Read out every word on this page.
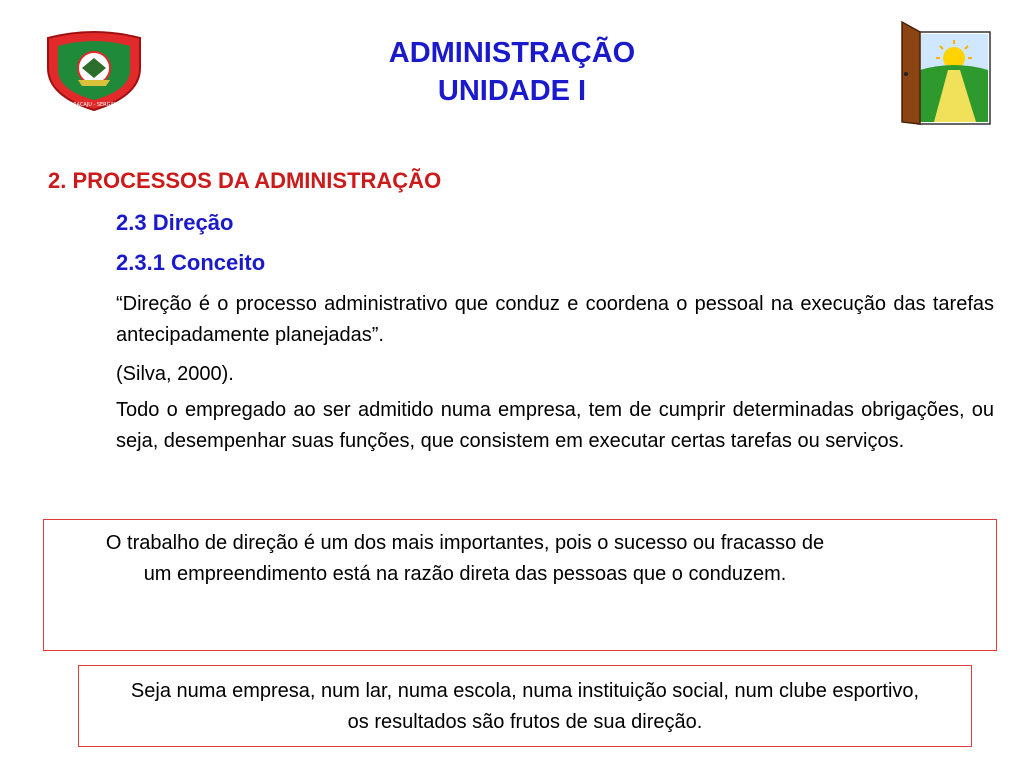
ARACAJU - SERGIPE
ADMINISTRAÇÃO
UNIDADE I
2. PROCESSOS DA ADMINISTRAÇÃO
2.3 Direção
2.3.1 Conceito
“Direção é o processo administrativo que conduz e coordena o pessoal na execução das tarefas antecipadamente planejadas”.
(Silva, 2000).
Todo o empregado ao ser admitido numa empresa, tem de cumprir determinadas obrigações, ou seja, desempenhar suas funções, que consistem em executar certas tarefas ou serviços.
O trabalho de direção é um dos mais importantes, pois o sucesso ou fracasso de um empreendimento está na razão direta das pessoas que o conduzem.
Seja numa empresa, num lar, numa escola, numa instituição social, num clube esportivo, os resultados são frutos de sua direção.
